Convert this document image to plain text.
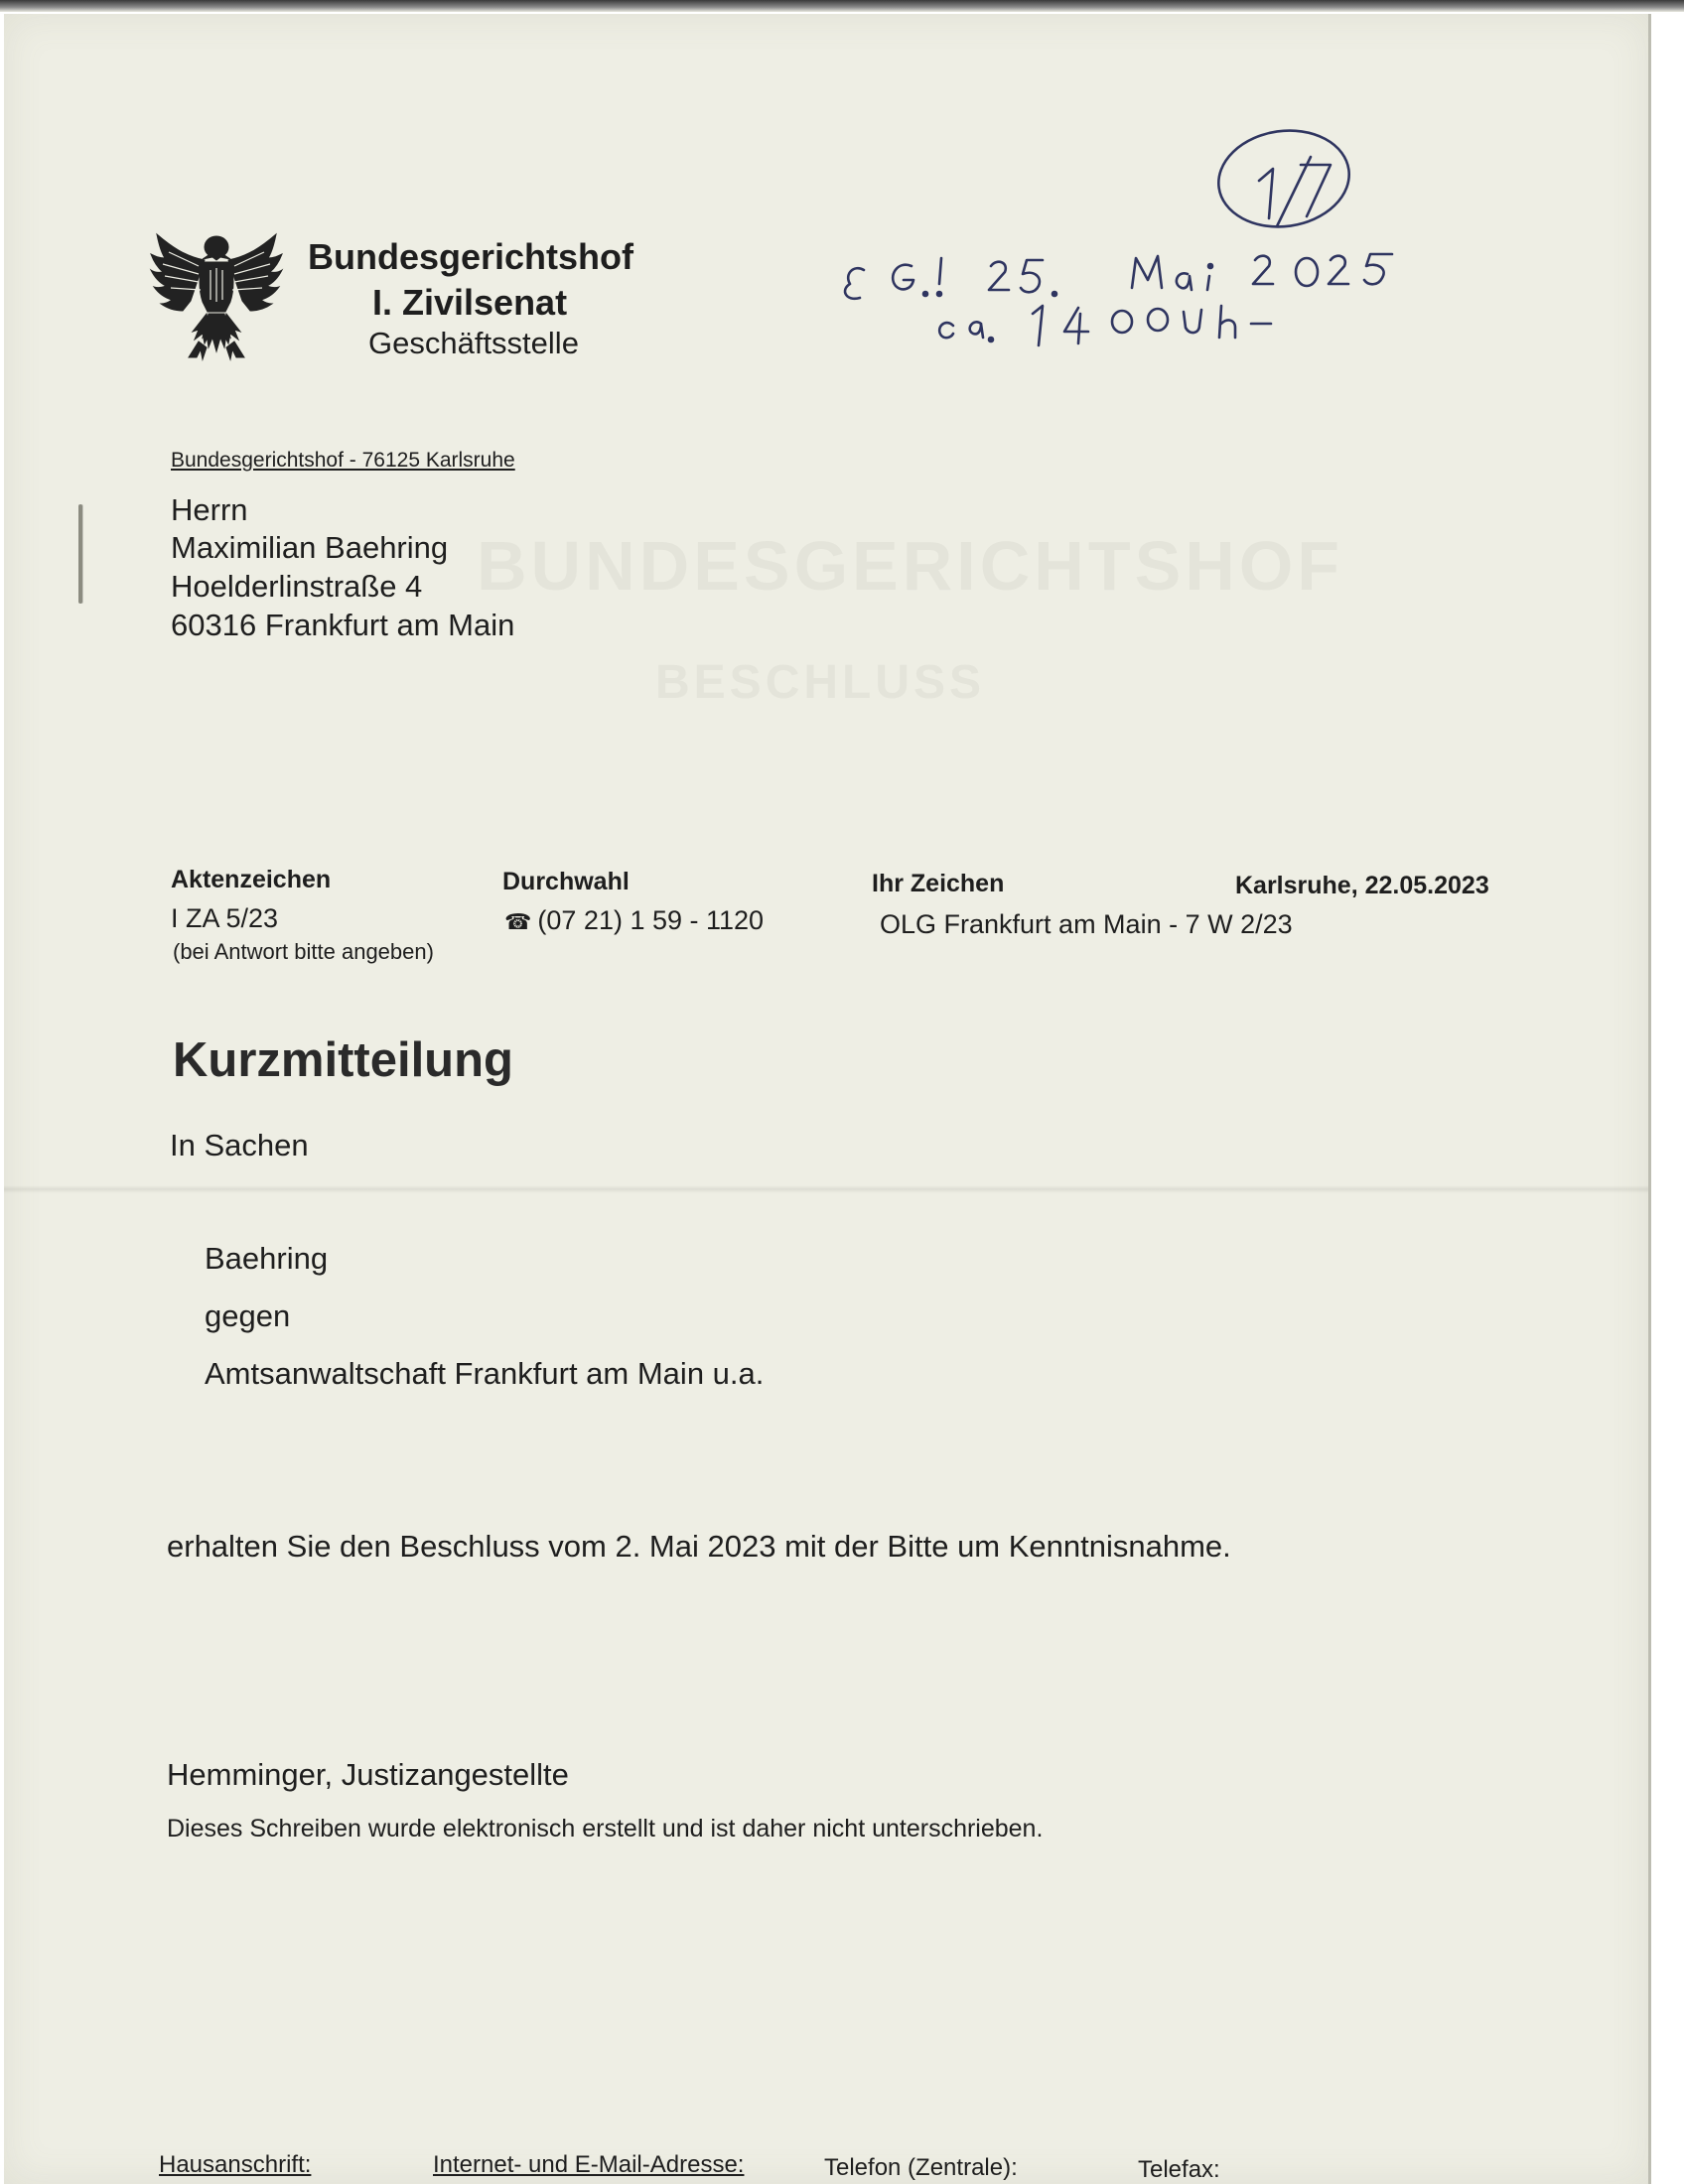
BUNDESGERICHTSHOF
BESCHLUSS
Bundesgerichtshof
I. Zivilsenat
Geschäftsstelle
Bundesgerichtshof - 76125 Karlsruhe
Herrn
Maximilian Baehring
Hoelderlinstraße 4
60316 Frankfurt am Main
Aktenzeichen
I ZA 5/23
(bei Antwort bitte angeben)
Durchwahl
☎ (07 21) 1 59 - 1120
Ihr Zeichen
OLG Frankfurt am Main - 7 W 2/23
Karlsruhe, 22.05.2023
Kurzmitteilung
In Sachen
Baehring
gegen
Amtsanwaltschaft Frankfurt am Main u.a.
erhalten Sie den Beschluss vom 2. Mai 2023 mit der Bitte um Kenntnisnahme.
Hemminger, Justizangestellte
Dieses Schreiben wurde elektronisch erstellt und ist daher nicht unterschrieben.
Hausanschrift:	Internet- und E-Mail-Adresse:	Telefon (Zentrale):	Telefax:
